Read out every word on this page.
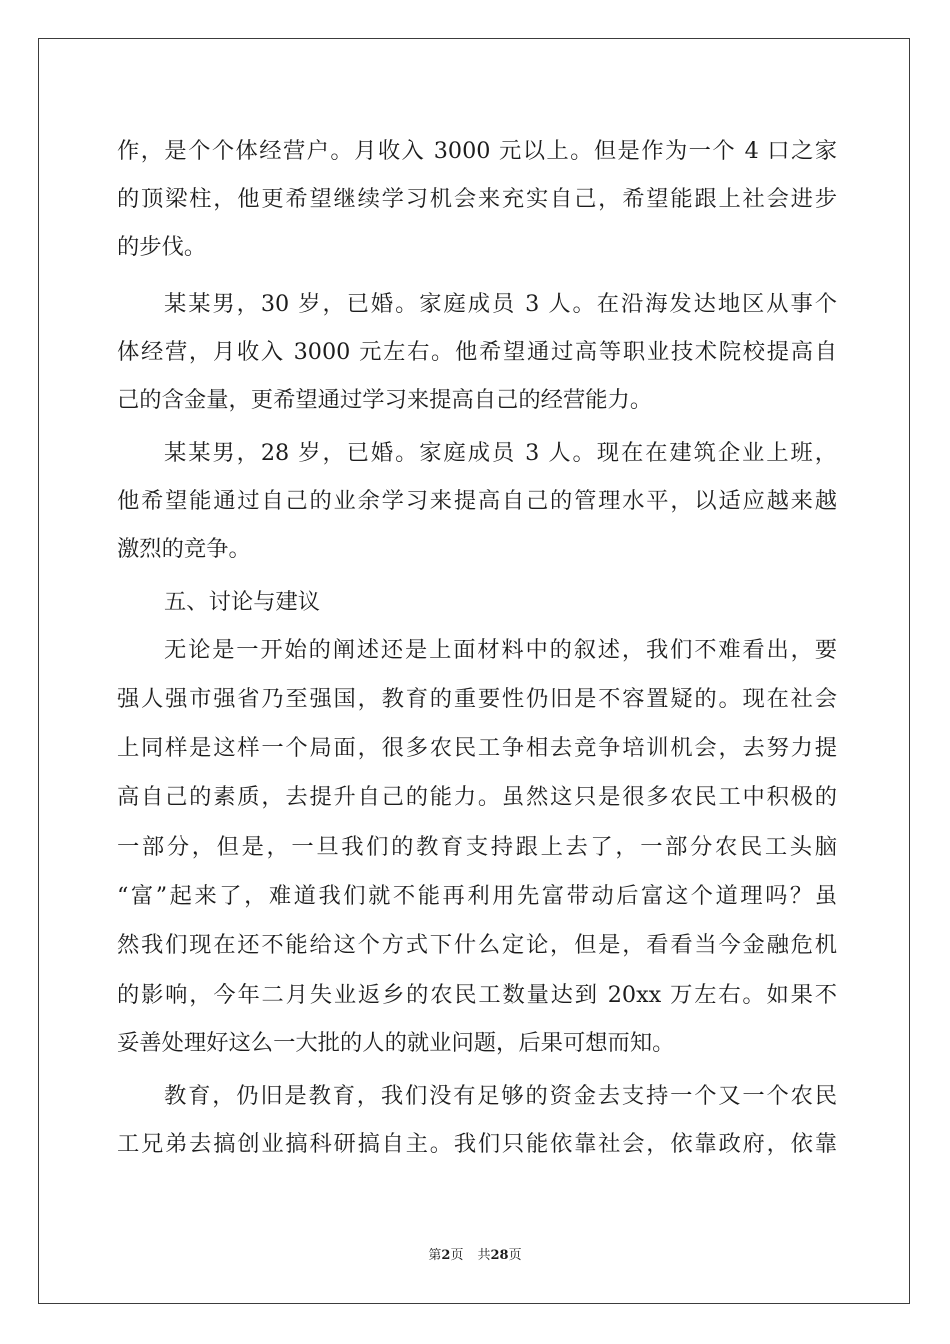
作，是个个体经营户。月收入 3000 元以上。但是作为一个 4 口之家
的顶梁柱，他更希望继续学习机会来充实自己，希望能跟上社会进步
的步伐。
某某男，30 岁，已婚。家庭成员 3 人。在沿海发达地区从事个
体经营，月收入 3000 元左右。他希望通过高等职业技术院校提高自
己的含金量，更希望通过学习来提高自己的经营能力。
某某男，28 岁，已婚。家庭成员 3 人。现在在建筑企业上班，
他希望能通过自己的业余学习来提高自己的管理水平，以适应越来越
激烈的竞争。
五、讨论与建议
无论是一开始的阐述还是上面材料中的叙述，我们不难看出，要
强人强市强省乃至强国，教育的重要性仍旧是不容置疑的。现在社会
上同样是这样一个局面，很多农民工争相去竞争培训机会，去努力提
高自己的素质，去提升自己的能力。虽然这只是很多农民工中积极的
一部分，但是，一旦我们的教育支持跟上去了，一部分农民工头脑
“富”起来了，难道我们就不能再利用先富带动后富这个道理吗？虽
然我们现在还不能给这个方式下什么定论，但是，看看当今金融危机
的影响，今年二月失业返乡的农民工数量达到 20xx 万左右。如果不
妥善处理好这么一大批的人的就业问题，后果可想而知。
教育，仍旧是教育，我们没有足够的资金去支持一个又一个农民
工兄弟去搞创业搞科研搞自主。我们只能依靠社会，依靠政府，依靠
第2页 共28页
